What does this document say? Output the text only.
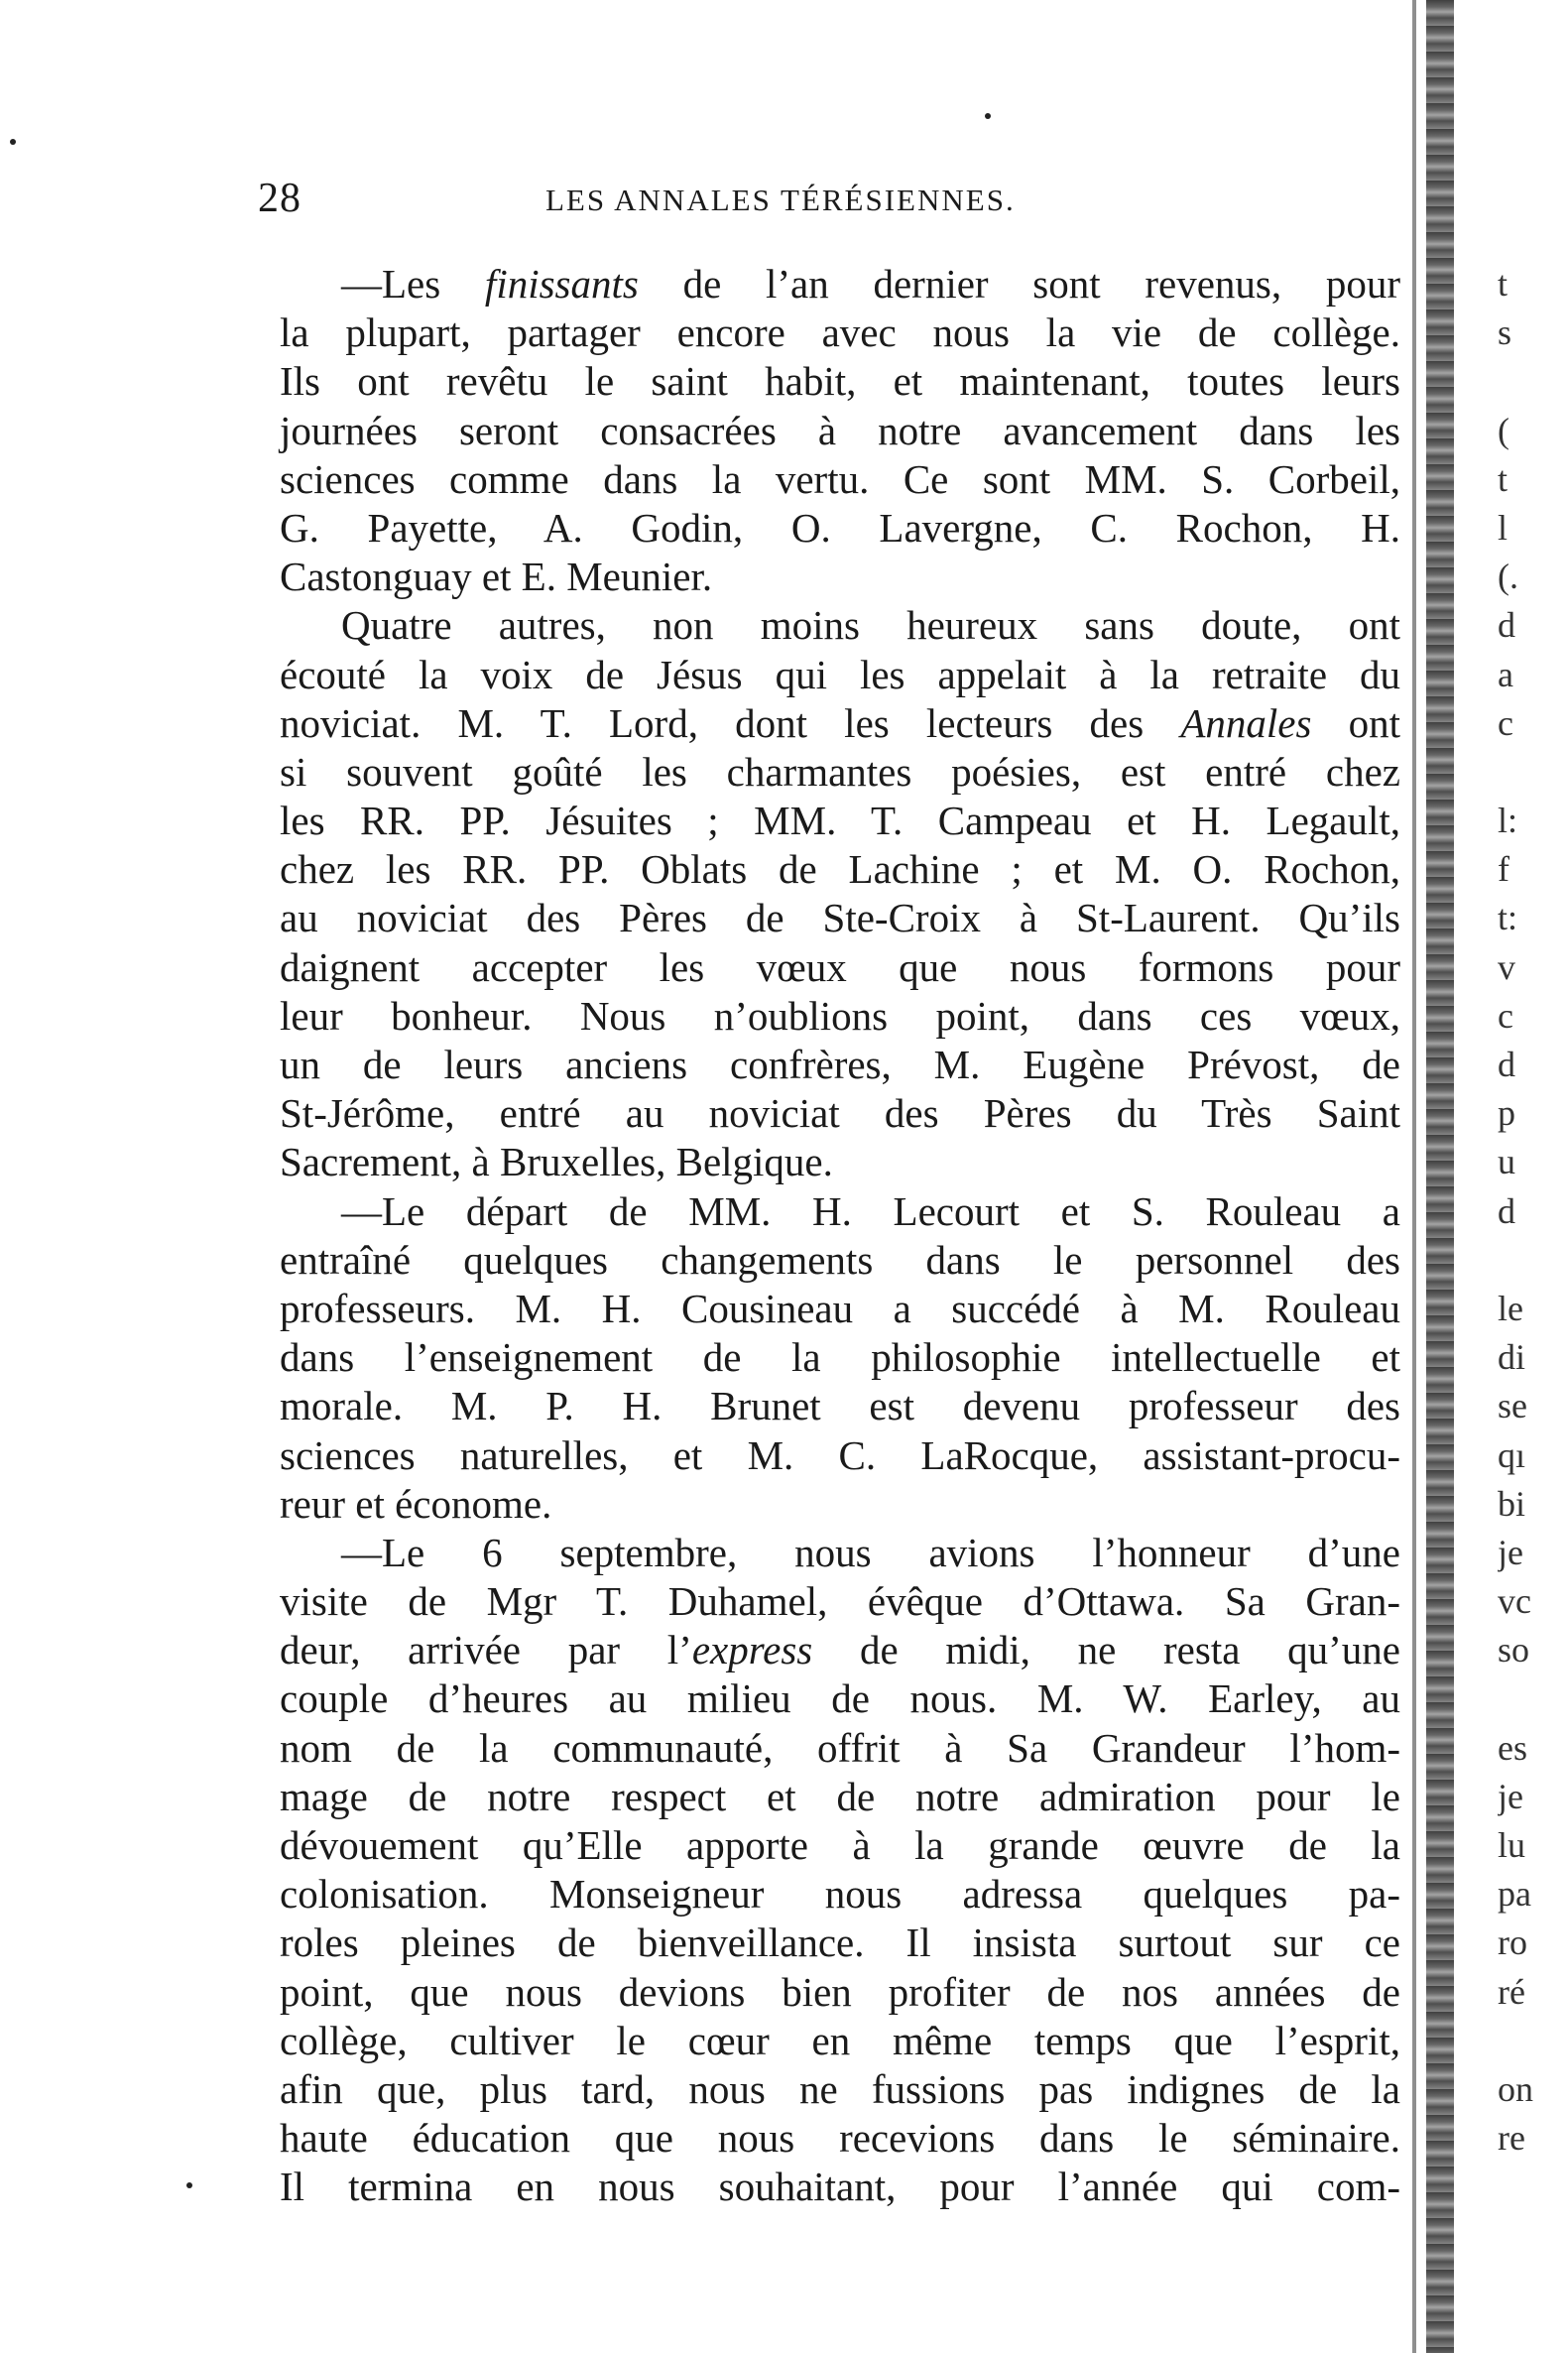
28	LES ANNALES TÉRÉSIENNES.
—Les finissants de l’an dernier sont revenus, pour
la plupart, partager encore avec nous la vie de collège.
Ils ont revêtu le saint habit, et maintenant, toutes leurs
journées seront consacrées à notre avancement dans les
sciences comme dans la vertu. Ce sont MM. S. Corbeil,
G. Payette, A. Godin, O. Lavergne, C. Rochon, H.
Castonguay et E. Meunier.
Quatre autres, non moins heureux sans doute, ont
écouté la voix de Jésus qui les appelait à la retraite du
noviciat. M. T. Lord, dont les lecteurs des Annales ont
si souvent goûté les charmantes poésies, est entré chez
les RR. PP. Jésuites ; MM. T. Campeau et H. Legault,
chez les RR. PP. Oblats de Lachine ; et M. O. Rochon,
au noviciat des Pères de Ste-Croix à St-Laurent. Qu’ils
daignent accepter les vœux que nous formons pour
leur bonheur. Nous n’oublions point, dans ces vœux,
un de leurs anciens confrères, M. Eugène Prévost, de
St-Jérôme, entré au noviciat des Pères du Très Saint
Sacrement, à Bruxelles, Belgique.
—Le départ de MM. H. Lecourt et S. Rouleau a
entraîné quelques changements dans le personnel des
professeurs. M. H. Cousineau a succédé à M. Rouleau
dans l’enseignement de la philosophie intellectuelle et
morale. M. P. H. Brunet est devenu professeur des
sciences naturelles, et M. C. LaRocque, assistant-procu-
reur et économe.
—Le 6 septembre, nous avions l’honneur d’une
visite de Mgr T. Duhamel, évêque d’Ottawa. Sa Gran-
deur, arrivée par l’express de midi, ne resta qu’une
couple d’heures au milieu de nous. M. W. Earley, au
nom de la communauté, offrit à Sa Grandeur l’hom-
mage de notre respect et de notre admiration pour le
dévouement qu’Elle apporte à la grande œuvre de la
colonisation. Monseigneur nous adressa quelques pa-
roles pleines de bienveillance. Il insista surtout sur ce
point, que nous devions bien profiter de nos années de
collège, cultiver le cœur en même temps que l’esprit,
afin que, plus tard, nous ne fussions pas indignes de la
haute éducation que nous recevions dans le séminaire.
Il termina en nous souhaitant, pour l’année qui com-
t
s
(
t
l
(.
d
a
c
l:
f
t:
v
c
d
p
u
d
le
di
se
qı
bi
je
vc
so
es
je
lu
pa
ro
ré
on
re
